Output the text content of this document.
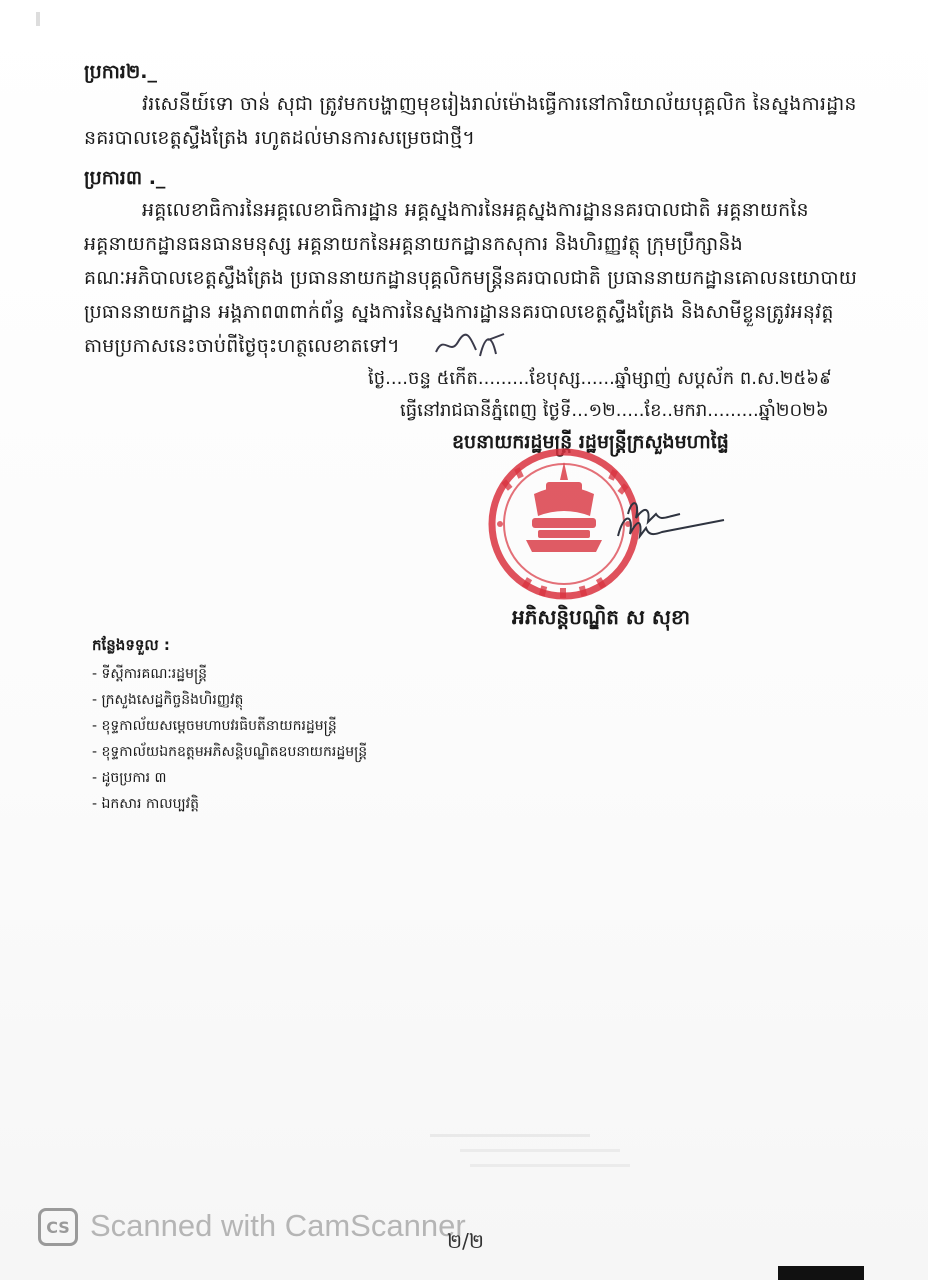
ប្រការ២._
វរសេនីយ៍ទោ ចាន់ សុជា ត្រូវមកបង្ហាញមុខរៀងរាល់ម៉ោងធ្វើការនៅការិយាល័យបុគ្គលិក នៃស្នងការដ្ឋាន
នគរបាលខេត្តស្ទឹងត្រែង រហូតដល់មានការសម្រេចជាថ្មី។
ប្រការ៣ ._
អគ្គលេខាធិការនៃអគ្គលេខាធិការដ្ឋាន អគ្គស្នងការនៃអគ្គស្នងការដ្ឋាននគរបាលជាតិ អគ្គនាយកនៃ
អគ្គនាយកដ្ឋានធនធានមនុស្ស អគ្គនាយកនៃអគ្គនាយកដ្ឋានកសុការ និងហិរញ្ញវត្ថុ ក្រុមប្រឹក្សានិង
គណៈអភិបាលខេត្តស្ទឹងត្រែង ប្រធាននាយកដ្ឋានបុគ្គលិកមន្ត្រីនគរបាលជាតិ ប្រធាននាយកដ្ឋានគោលនយោបាយ
ប្រធាននាយកដ្ឋាន អង្គភាព៣ពាក់ព័ន្ធ ស្នងការនៃស្នងការដ្ឋាននគរបាលខេត្តស្ទឹងត្រែង និងសាមីខ្លួនត្រូវអនុវត្ត
តាមប្រកាសនេះចាប់ពីថ្ងៃចុះហត្ថលេខាតទៅ។
ថ្ងៃ....ចន្ទ ៥កើត.........ខែបុស្ស......ឆ្នាំម្សាញ់ សប្តស័ក ព.ស.២៥៦៩
ធ្វើនៅរាជធានីភ្នំពេញ ថ្ងៃទី...១២.....ខែ..មករា.........ឆ្នាំ២០២៦
ឧបនាយករដ្ឋមន្ត្រី រដ្ឋមន្ត្រីក្រសួងមហាផ្ទៃ
អភិសន្តិបណ្ឌិត ស សុខា
កន្លែងទទួល :
- ទីស្តីការគណៈរដ្ឋមន្ត្រី
- ក្រសួងសេដ្ឋកិច្ចនិងហិរញ្ញវត្ថុ
- ខុទ្ទកាល័យសម្តេចមហាបវរធិបតីនាយករដ្ឋមន្ត្រី
- ខុទ្ទកាល័យឯកឧត្តមអភិសន្តិបណ្ឌិតឧបនាយករដ្ឋមន្ត្រី
- ដូចប្រការ ៣
- ឯកសារ កាលប្បវត្តិ
CS Scanned with CamScanner
២/២
